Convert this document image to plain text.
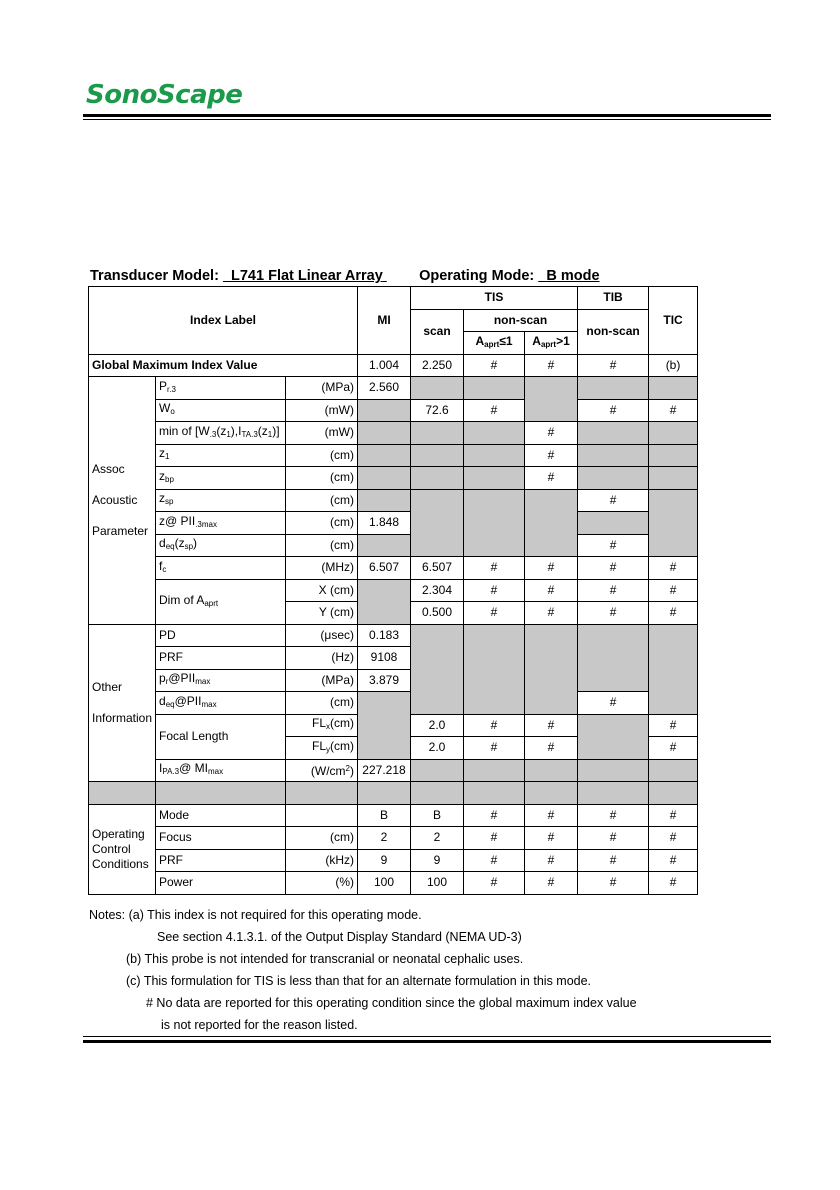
SonoScape
Transducer Model: L741 Flat Linear Array	Operating Mode: B mode
Index Label			MI	TIS			TIB	TIC
				scan	non-scan		non-scan	
					$A_{aprt}\le 1$	$A_{aprt}>1$		
Global Maximum Index Value			1.004	2.250	#	#	#	(b)
Assoc Acoustic Parameter	$P_{r.3}$	(MPa)	2.560					
	$W_o$	(mW)		72.6	#		#	#
	min of $[W_{.3}(z_1),I_{TA.3}(z_1)]$	(mW)				#		
	$z_1$	(cm)				#		
	$z_{bp}$	(cm)				#		
	$z_{sp}$	(cm)					#	
	z@ $PII_{.3max}$	(cm)	1.848					
	$d_{eq}(z_{sp})$	(cm)					#	
	$f_c$	(MHz)	6.507	6.507	#	#	#	#
	Dim of $A_{aprt}$	X (cm)		2.304	#	#	#	#
		Y (cm)		0.500	#	#	#	#
Other Information	PD	(μsec)	0.183					
	PRF	(Hz)	9108					
	$p_r@PII_{max}$	(MPa)	3.879					
	$d_{eq}@PII_{max}$	(cm)					#	
	Focal Length	$FL_x(cm)$		2.0	#	#		#
		$FL_y(cm)$		2.0	#	#		#
	$I_{PA.3}@$ $MI_{max}$	$(W/cm^2)$	227.218					

Operating Control Conditions	Mode		B	B	#	#	#	#
	Focus	(cm)	2	2	#	#	#	#
	PRF	(kHz)	9	9	#	#	#	#
	Power	(%)	100	100	#	#	#	#
Notes: (a) This index is not required for this operating mode.
See section 4.1.3.1. of the Output Display Standard (NEMA UD-3)
(b) This probe is not intended for transcranial or neonatal cephalic uses.
(c) This formulation for TIS is less than that for an alternate formulation in this mode.
# No data are reported for this operating condition since the global maximum index value
is not reported for the reason listed.
